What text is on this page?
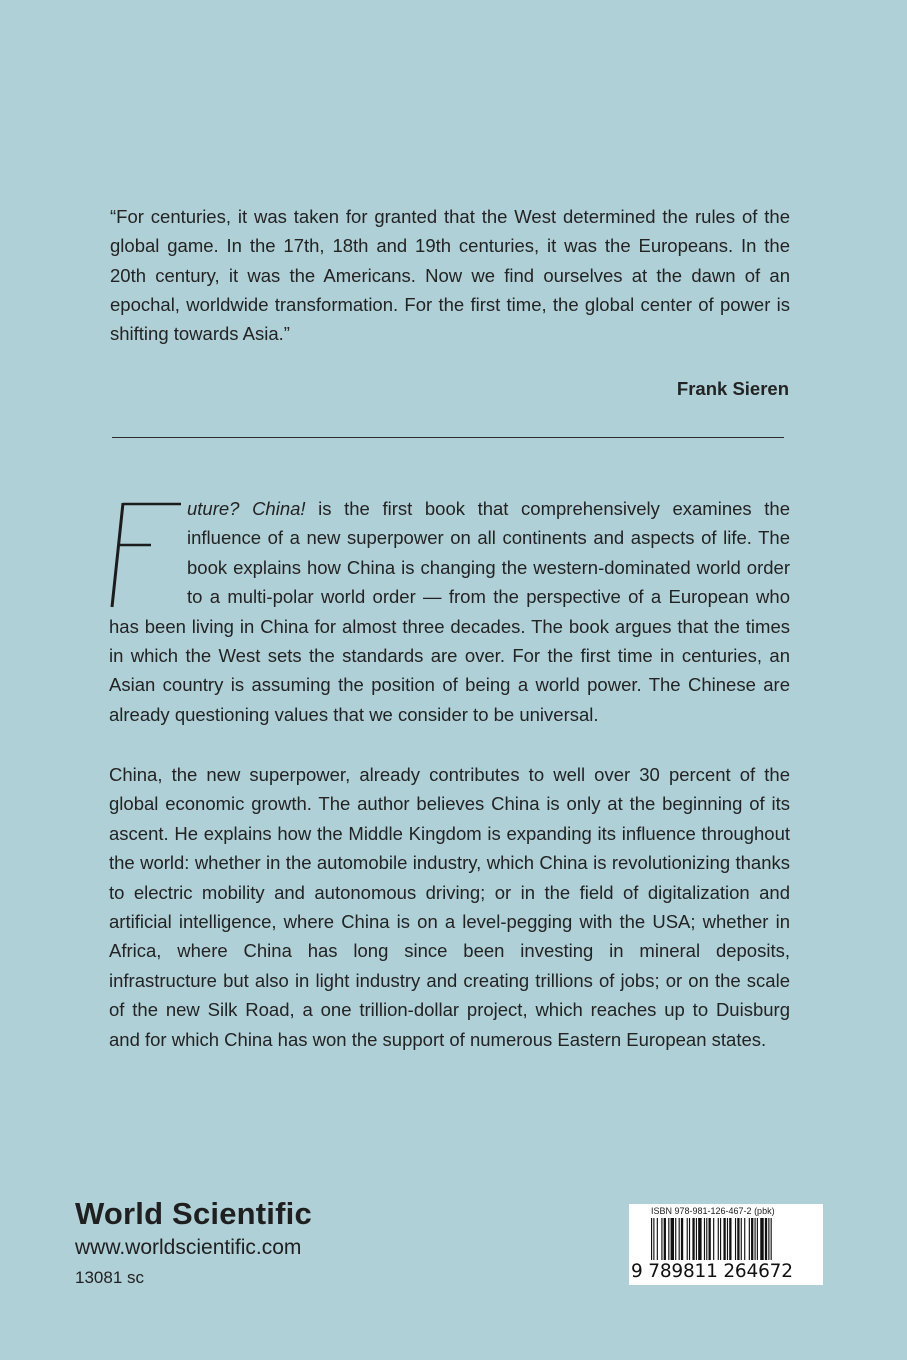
“For centuries, it was taken for granted that the West determined the rules of the global game. In the 17th, 18th and 19th centuries, it was the Europeans. In the 20th century, it was the Americans. Now we find ourselves at the dawn of an epochal, worldwide transformation. For the first time, the global center of power is shifting towards Asia.”

Frank Sieren

uture? China! is the first book that comprehensively examines the influence of a new superpower on all continents and aspects of life. The book explains how China is changing the western-dominated world order to a multi-polar world order — from the perspective of a European who has been living in China for almost three decades. The book argues that the times in which the West sets the standards are over. For the first time in centuries, an Asian country is assuming the position of being a world power. The Chinese are already questioning values that we consider to be universal.

China, the new superpower, already contributes to well over 30 percent of the global economic growth. The author believes China is only at the beginning of its ascent. He explains how the Middle Kingdom is expanding its influence throughout the world: whether in the automobile industry, which China is revolutionizing thanks to electric mobility and autonomous driving; or in the field of digitalization and artificial intelligence, where China is on a level-pegging with the USA; whether in Africa, where China has long since been investing in mineral deposits, infrastructure but also in light industry and creating trillions of jobs; or on the scale of the new Silk Road, a one trillion-dollar project, which reaches up to Duisburg and for which China has won the support of numerous Eastern European states.

World Scientific

www.worldscientific.com

13081 sc

ISBN 978-981-126-467-2 (pbk)
9 789811 264672
